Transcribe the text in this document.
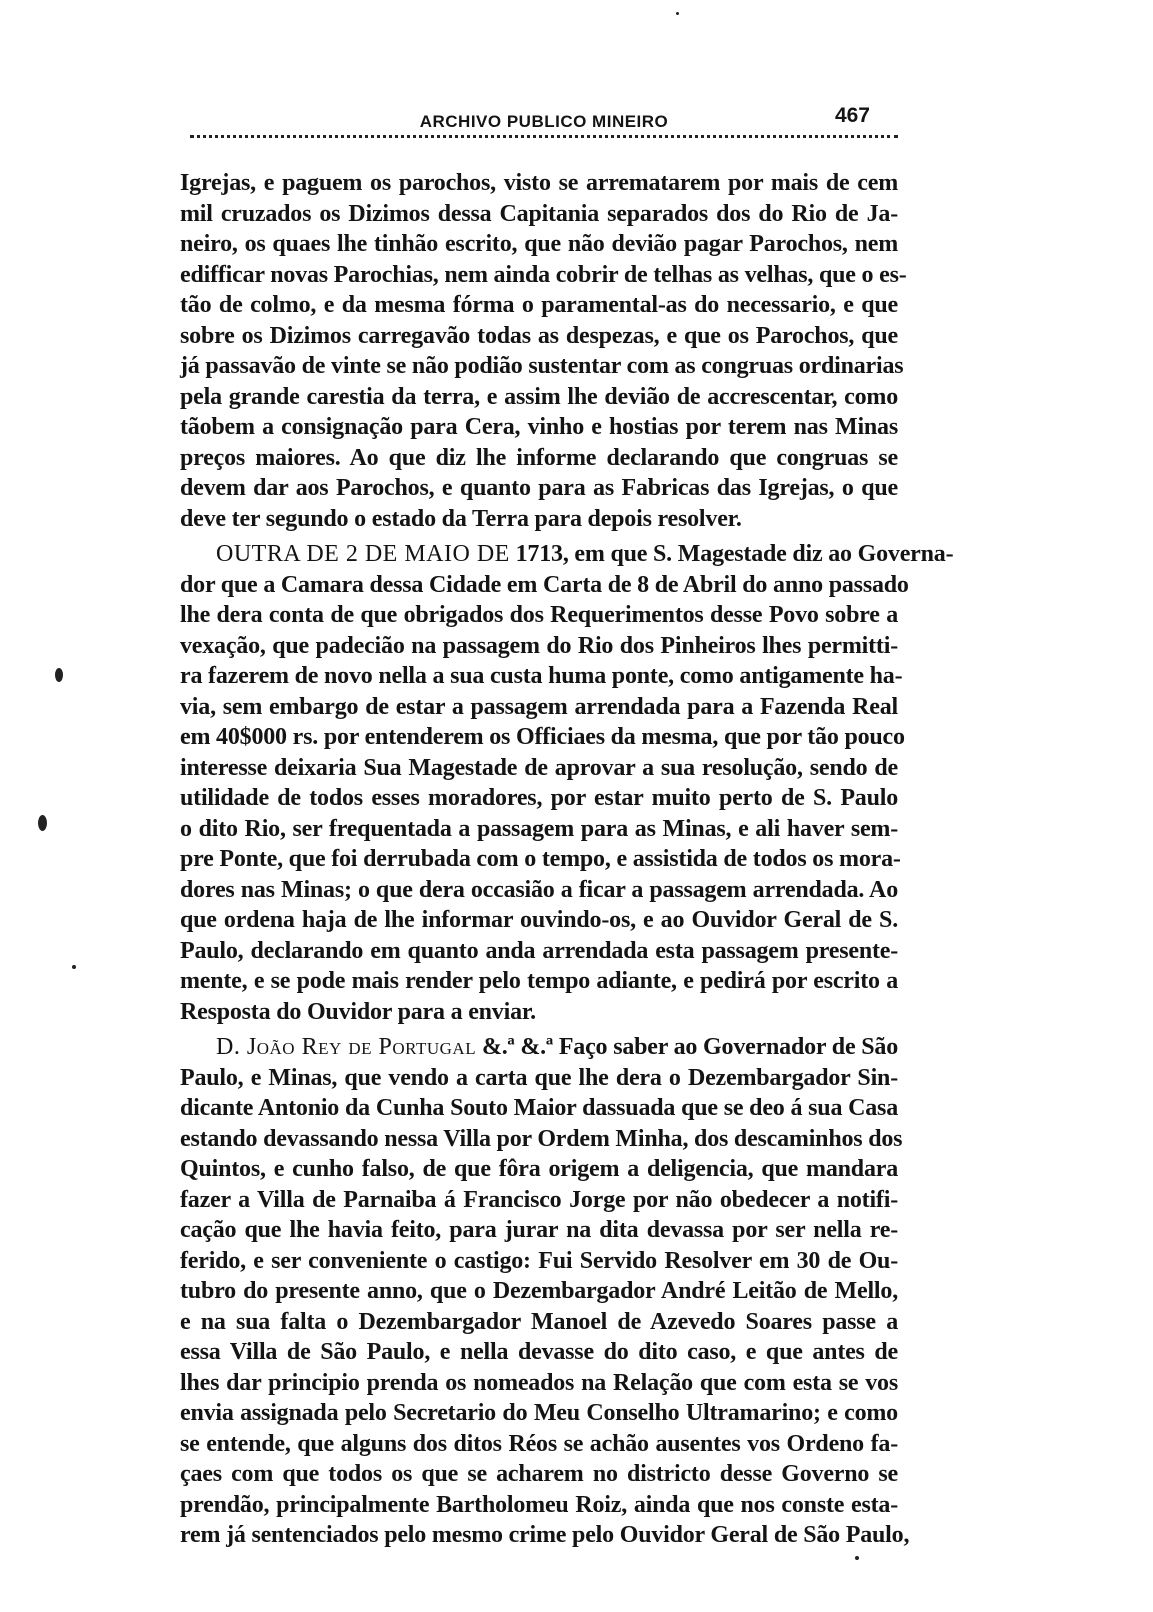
ARCHIVO PUBLICO MINEIRO	467
Igrejas, e paguem os parochos, visto se arrematarem por mais de cem
mil cruzados os Dizimos dessa Capitania separados dos do Rio de Ja-
neiro, os quaes lhe tinhão escrito, que não devião pagar Parochos, nem
edifficar novas Parochias, nem ainda cobrir de telhas as velhas, que o es-
tão de colmo, e da mesma fórma o paramental-as do necessario, e que
sobre os Dizimos carregavão todas as despezas, e que os Parochos, que
já passavão de vinte se não podião sustentar com as congruas ordinarias
pela grande carestia da terra, e assim lhe devião de accrescentar, como
tãobem a consignação para Cera, vinho e hostias por terem nas Minas
preços maiores. Ao que diz lhe informe declarando que congruas se
devem dar aos Parochos, e quanto para as Fabricas das Igrejas, o que
deve ter segundo o estado da Terra para depois resolver.
OUTRA DE 2 DE MAIO DE 1713, em que S. Magestade diz ao Governa-
dor que a Camara dessa Cidade em Carta de 8 de Abril do anno passado
lhe dera conta de que obrigados dos Requerimentos desse Povo sobre a
vexação, que padecião na passagem do Rio dos Pinheiros lhes permitti-
ra fazerem de novo nella a sua custa huma ponte, como antigamente ha-
via, sem embargo de estar a passagem arrendada para a Fazenda Real
em 40$000 rs. por entenderem os Officiaes da mesma, que por tão pouco
interesse deixaria Sua Magestade de aprovar a sua resolução, sendo de
utilidade de todos esses moradores, por estar muito perto de S. Paulo
o dito Rio, ser frequentada a passagem para as Minas, e ali haver sem-
pre Ponte, que foi derrubada com o tempo, e assistida de todos os mora-
dores nas Minas; o que dera occasião a ficar a passagem arrendada. Ao
que ordena haja de lhe informar ouvindo-os, e ao Ouvidor Geral de S.
Paulo, declarando em quanto anda arrendada esta passagem presente-
mente, e se pode mais render pelo tempo adiante, e pedirá por escrito a
Resposta do Ouvidor para a enviar.
D. João Rey de Portugal &.ª &.ª Faço saber ao Governador de São
Paulo, e Minas, que vendo a carta que lhe dera o Dezembargador Sin-
dicante Antonio da Cunha Souto Maior dassuada que se deo á sua Casa
estando devassando nessa Villa por Ordem Minha, dos descaminhos dos
Quintos, e cunho falso, de que fôra origem a deligencia, que mandara
fazer a Villa de Parnaiba á Francisco Jorge por não obedecer a notifi-
cação que lhe havia feito, para jurar na dita devassa por ser nella re-
ferido, e ser conveniente o castigo: Fui Servido Resolver em 30 de Ou-
tubro do presente anno, que o Dezembargador André Leitão de Mello,
e na sua falta o Dezembargador Manoel de Azevedo Soares passe a
essa Villa de São Paulo, e nella devasse do dito caso, e que antes de
lhes dar principio prenda os nomeados na Relação que com esta se vos
envia assignada pelo Secretario do Meu Conselho Ultramarino; e como
se entende, que alguns dos ditos Réos se achão ausentes vos Ordeno fa-
çaes com que todos os que se acharem no districto desse Governo se
prendão, principalmente Bartholomeu Roiz, ainda que nos conste esta-
rem já sentenciados pelo mesmo crime pelo Ouvidor Geral de São Paulo,
